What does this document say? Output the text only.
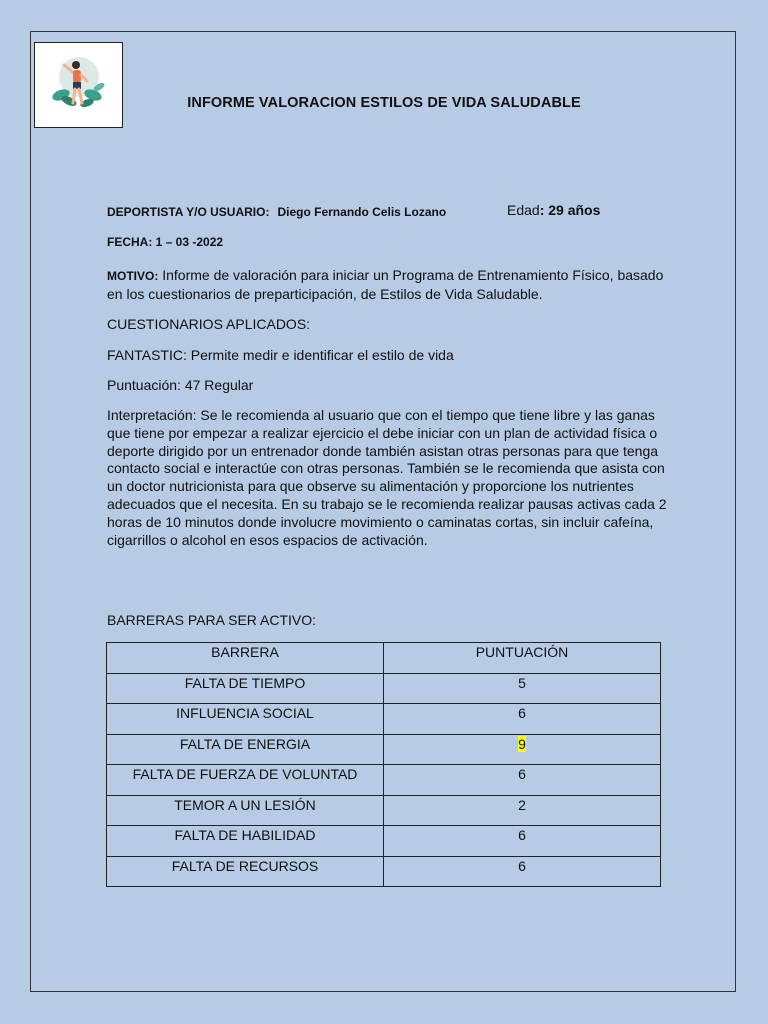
INFORME VALORACION ESTILOS DE VIDA SALUDABLE
DEPORTISTA Y/O USUARIO: Diego Fernando Celis Lozano	Edad: 29 años
FECHA: 1 – 03 -2022
MOTIVO: Informe de valoración para iniciar un Programa de Entrenamiento Físico, basado en los cuestionarios de preparticipación, de Estilos de Vida Saludable.
CUESTIONARIOS APLICADOS:
FANTASTIC: Permite medir e identificar el estilo de vida
Puntuación: 47 Regular
Interpretación: Se le recomienda al usuario que con el tiempo que tiene libre y las ganas que tiene por empezar a realizar ejercicio el debe iniciar con un plan de actividad física o deporte dirigido por un entrenador donde también asistan otras personas para que tenga contacto social e interactúe con otras personas. También se le recomienda que asista con un doctor nutricionista para que observe su alimentación y proporcione los nutrientes adecuados que el necesita. En su trabajo se le recomienda realizar pausas activas cada 2 horas de 10 minutos donde involucre movimiento o caminatas cortas, sin incluir cafeína, cigarrillos o alcohol en esos espacios de activación.
BARRERAS PARA SER ACTIVO:
BARRERA	PUNTUACIÓN
FALTA DE TIEMPO	5
INFLUENCIA SOCIAL	6
FALTA DE ENERGIA	9
FALTA DE FUERZA DE VOLUNTAD	6
TEMOR A UN LESIÓN	2
FALTA DE HABILIDAD	6
FALTA DE RECURSOS	6
